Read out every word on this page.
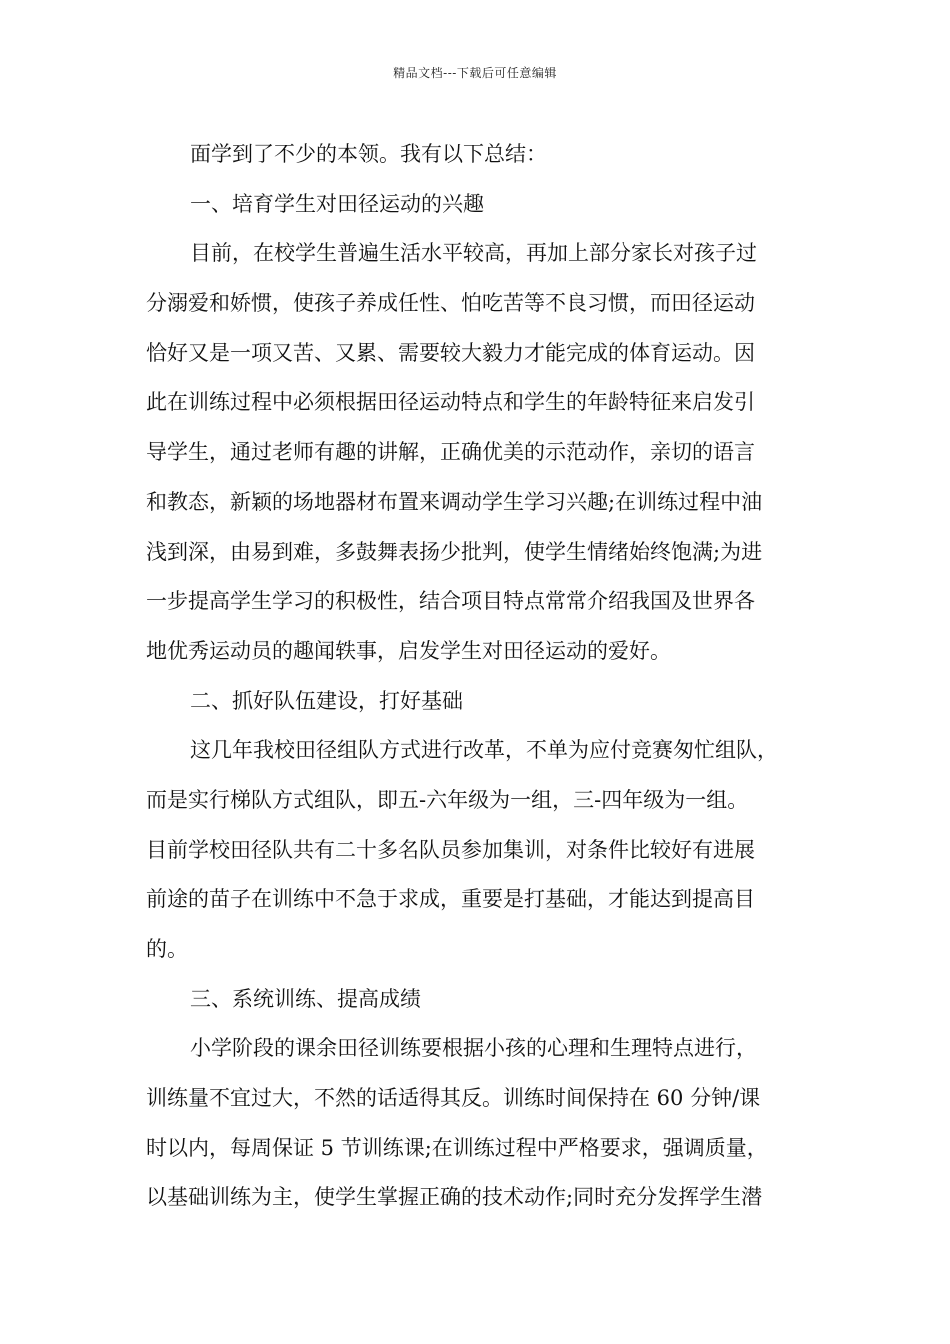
精品文档---下载后可任意编辑
面学到了不少的本领。我有以下总结：
一、培育学生对田径运动的兴趣
目前，在校学生普遍生活水平较高，再加上部分家长对孩子过
分溺爱和娇惯，使孩子养成任性、怕吃苦等不良习惯，而田径运动
恰好又是一项又苦、又累、需要较大毅力才能完成的体育运动。因
此在训练过程中必须根据田径运动特点和学生的年龄特征来启发引
导学生，通过老师有趣的讲解，正确优美的示范动作，亲切的语言
和教态，新颖的场地器材布置来调动学生学习兴趣;在训练过程中油
浅到深，由易到难，多鼓舞表扬少批判，使学生情绪始终饱满;为进
一步提高学生学习的积极性，结合项目特点常常介绍我国及世界各
地优秀运动员的趣闻轶事，启发学生对田径运动的爱好。
二、抓好队伍建设，打好基础
这几年我校田径组队方式进行改革，不单为应付竞赛匆忙组队，
而是实行梯队方式组队，即五-六年级为一组，三-四年级为一组。
目前学校田径队共有二十多名队员参加集训，对条件比较好有进展
前途的苗子在训练中不急于求成，重要是打基础，才能达到提高目
的。
三、系统训练、提高成绩
小学阶段的课余田径训练要根据小孩的心理和生理特点进行，
训练量不宜过大，不然的话适得其反。训练时间保持在 60 分钟/课
时以内，每周保证 5 节训练课;在训练过程中严格要求，强调质量，
以基础训练为主，使学生掌握正确的技术动作;同时充分发挥学生潜
